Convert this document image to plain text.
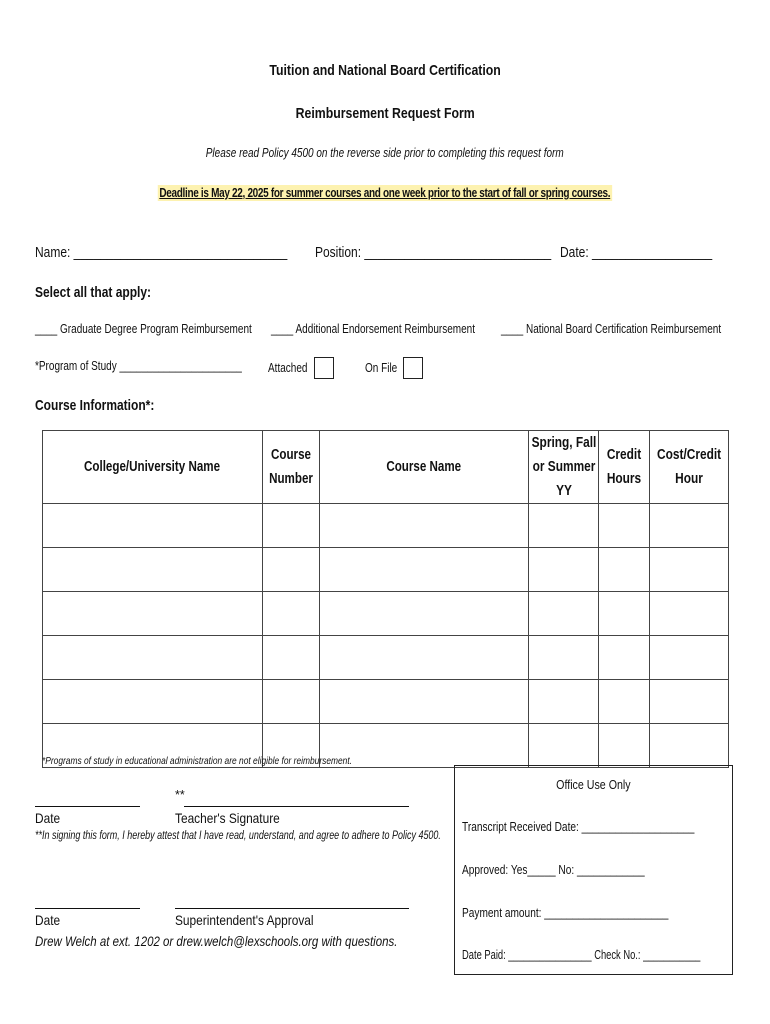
Tuition and National Board Certification
Reimbursement Request Form
Please read Policy 4500 on the reverse side prior to completing this request form
Deadline is May 22, 2025 for summer courses and one week prior to the start of fall or spring courses.
Name: ________________________________	Position: ____________________________ Date: __________________
Select all that apply:
____ Graduate Degree Program Reimbursement	____ Additional Endorsement Reimbursement	____ National Board Certification Reimbursement
*Program of Study ______________________	Attached	On File
Course Information*:
College/University Name	Course Number	Course Name	Spring, Fall or Summer YY	Credit Hours	Cost/Credit Hour

*Programs of study in educational administration are not eligible for reimbursement.
**
Date	Teacher's Signature
**In signing this form, I hereby attest that I have read, understand, and agree to adhere to Policy 4500.
Date	Superintendent's Approval
Drew Welch at ext. 1202 or drew.welch@lexschools.org with questions.
Office Use Only
Transcript Received Date: ____________________
Approved: Yes_____ No: ____________
Payment amount: ______________________
Date Paid: ________________ Check No.: ___________
